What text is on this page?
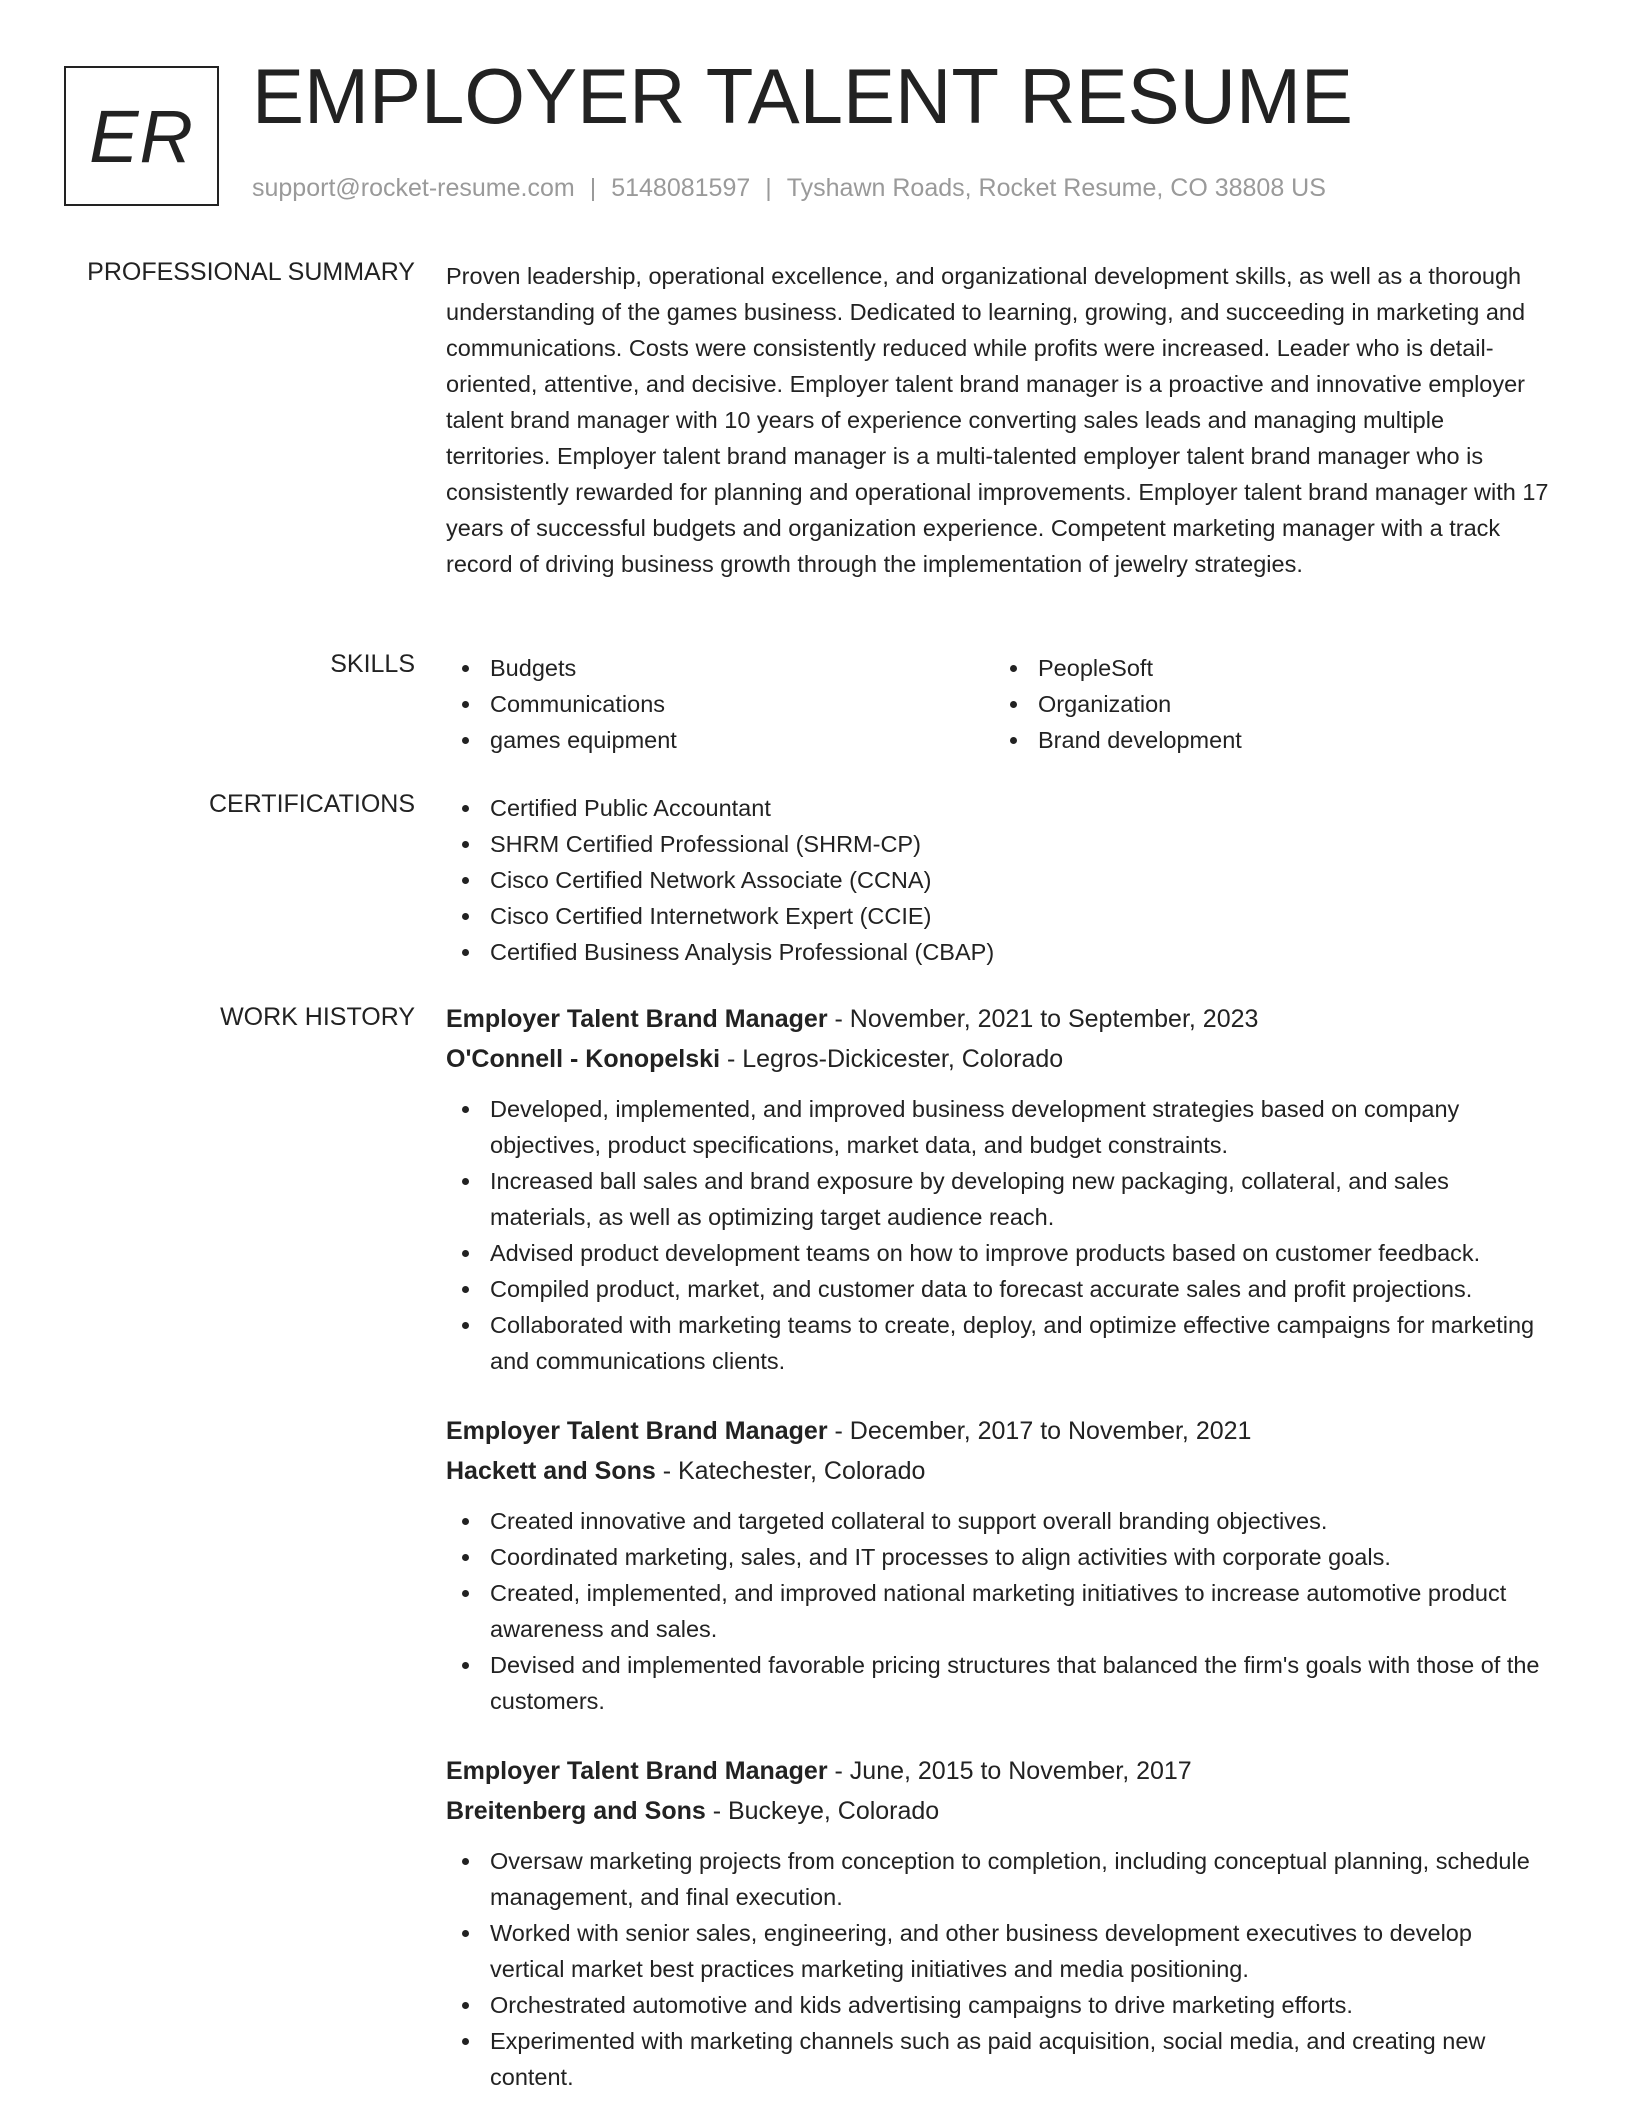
ER EMPLOYER TALENT RESUME
support@rocket-resume.com | 5148081597 | Tyshawn Roads, Rocket Resume, CO 38808 US
PROFESSIONAL SUMMARY Proven leadership, operational excellence, and organizational development skills, as well as a thorough understanding of the games business. Dedicated to learning, growing, and succeeding in marketing and communications. Costs were consistently reduced while profits were increased. Leader who is detail-oriented, attentive, and decisive. Employer talent brand manager is a proactive and innovative employer talent brand manager with 10 years of experience converting sales leads and managing multiple territories. Employer talent brand manager is a multi-talented employer talent brand manager who is consistently rewarded for planning and operational improvements. Employer talent brand manager with 17 years of successful budgets and organization experience. Competent marketing manager with a track record of driving business growth through the implementation of jewelry strategies.

SKILLS	Budgets
Communications
games equipment
PeopleSoft
Organization
Brand development
CERTIFICATIONS	Certified Public Accountant
SHRM Certified Professional (SHRM-CP)
Cisco Certified Network Associate (CCNA)
Cisco Certified Internetwork Expert (CCIE)
Certified Business Analysis Professional (CBAP)
WORK HISTORY Employer Talent Brand Manager - November, 2021 to September, 2023
O'Connell - Konopelski - Legros-Dickicester, Colorado
Developed, implemented, and improved business development strategies based on company objectives, product specifications, market data, and budget constraints.
Increased ball sales and brand exposure by developing new packaging, collateral, and sales materials, as well as optimizing target audience reach.
Advised product development teams on how to improve products based on customer feedback.
Compiled product, market, and customer data to forecast accurate sales and profit projections.
Collaborated with marketing teams to create, deploy, and optimize effective campaigns for marketing and communications clients.
Employer Talent Brand Manager - December, 2017 to November, 2021
Hackett and Sons - Katechester, Colorado
Created innovative and targeted collateral to support overall branding objectives.
Coordinated marketing, sales, and IT processes to align activities with corporate goals.
Created, implemented, and improved national marketing initiatives to increase automotive product awareness and sales.
Devised and implemented favorable pricing structures that balanced the firm's goals with those of the customers.
Employer Talent Brand Manager - June, 2015 to November, 2017
Breitenberg and Sons - Buckeye, Colorado
Oversaw marketing projects from conception to completion, including conceptual planning, schedule management, and final execution.
Worked with senior sales, engineering, and other business development executives to develop vertical market best practices marketing initiatives and media positioning.
Orchestrated automotive and kids advertising campaigns to drive marketing efforts.
Experimented with marketing channels such as paid acquisition, social media, and creating new content.
